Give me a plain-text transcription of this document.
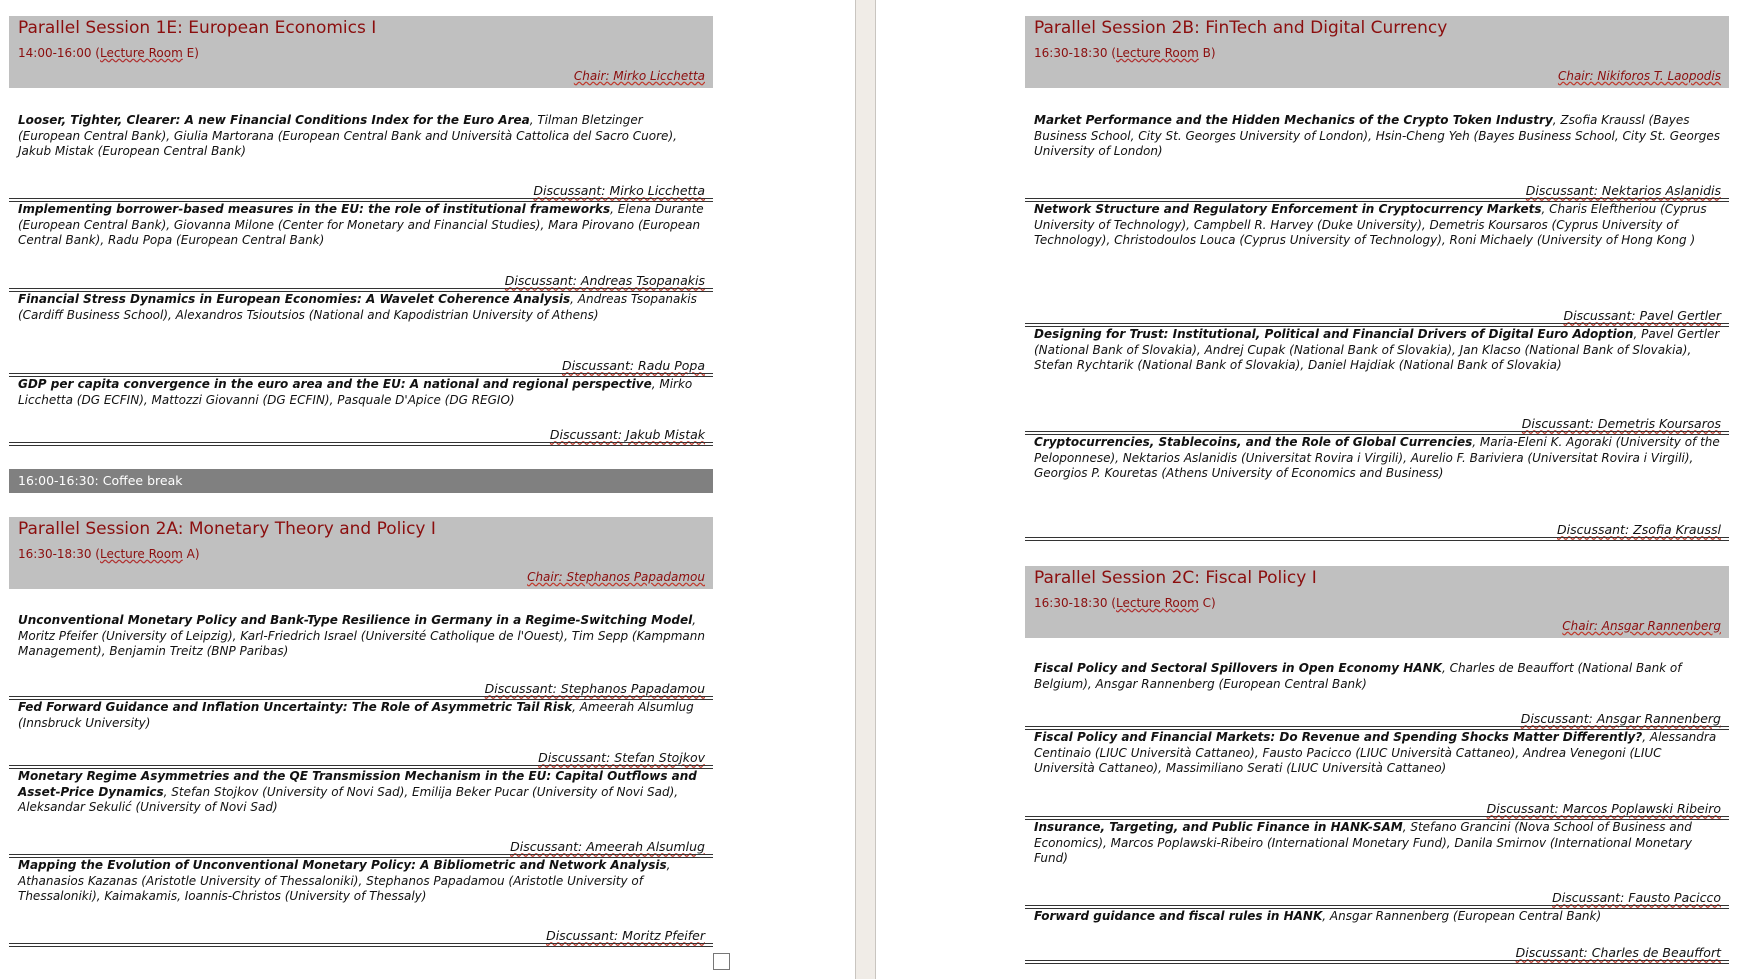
Parallel Session 1E: European Economics I
14:00-16:00 (Lecture Room E)
Chair: Mirko Licchetta
Looser, Tighter, Clearer: A new Financial Conditions Index for the Euro Area, Tilman Bletzinger (European Central Bank), Giulia Martorana (European Central Bank and Università Cattolica del Sacro Cuore), Jakub Mistak (European Central Bank)
Discussant: Mirko Licchetta
Implementing borrower-based measures in the EU: the role of institutional frameworks, Elena Durante (European Central Bank), Giovanna Milone (Center for Monetary and Financial Studies), Mara Pirovano (European Central Bank), Radu Popa (European Central Bank)
Discussant: Andreas Tsopanakis
Financial Stress Dynamics in European Economies: A Wavelet Coherence Analysis, Andreas Tsopanakis (Cardiff Business School), Alexandros Tsioutsios (National and Kapodistrian University of Athens)
Discussant: Radu Popa
GDP per capita convergence in the euro area and the EU: A national and regional perspective, Mirko Licchetta (DG ECFIN), Mattozzi Giovanni (DG ECFIN), Pasquale D'Apice (DG REGIO)
Discussant: Jakub Mistak
16:00-16:30: Coffee break
Parallel Session 2A: Monetary Theory and Policy I
16:30-18:30 (Lecture Room A)
Chair: Stephanos Papadamou
Unconventional Monetary Policy and Bank-Type Resilience in Germany in a Regime-Switching Model, Moritz Pfeifer (University of Leipzig), Karl-Friedrich Israel (Université Catholique de l'Ouest), Tim Sepp (Kampmann Management), Benjamin Treitz (BNP Paribas)
Discussant: Stephanos Papadamou
Fed Forward Guidance and Inflation Uncertainty: The Role of Asymmetric Tail Risk, Ameerah Alsumlug (Innsbruck University)
Discussant: Stefan Stojkov
Monetary Regime Asymmetries and the QE Transmission Mechanism in the EU: Capital Outflows and Asset-Price Dynamics, Stefan Stojkov (University of Novi Sad), Emilija Beker Pucar (University of Novi Sad), Aleksandar Sekulić (University of Novi Sad)
Discussant: Ameerah Alsumlug
Mapping the Evolution of Unconventional Monetary Policy: A Bibliometric and Network Analysis, Athanasios Kazanas (Aristotle University of Thessaloniki), Stephanos Papadamou (Aristotle University of Thessaloniki), Kaimakamis, Ioannis-Christos (University of Thessaly)
Discussant: Moritz Pfeifer
Parallel Session 2B: FinTech and Digital Currency
16:30-18:30 (Lecture Room B)
Chair: Nikiforos T. Laopodis
Market Performance and the Hidden Mechanics of the Crypto Token Industry, Zsofia Kraussl (Bayes Business School, City St. Georges University of London), Hsin-Cheng Yeh (Bayes Business School, City St. Georges University of London)
Discussant: Nektarios Aslanidis
Network Structure and Regulatory Enforcement in Cryptocurrency Markets, Charis Eleftheriou (Cyprus University of Technology), Campbell R. Harvey (Duke University), Demetris Koursaros (Cyprus University of Technology), Christodoulos Louca (Cyprus University of Technology), Roni Michaely (University of Hong Kong )
Discussant: Pavel Gertler
Designing for Trust: Institutional, Political and Financial Drivers of Digital Euro Adoption, Pavel Gertler (National Bank of Slovakia), Andrej Cupak (National Bank of Slovakia), Jan Klacso (National Bank of Slovakia), Stefan Rychtarik (National Bank of Slovakia), Daniel Hajdiak (National Bank of Slovakia)
Discussant: Demetris Koursaros
Cryptocurrencies, Stablecoins, and the Role of Global Currencies, Maria-Eleni K. Agoraki (University of the Peloponnese), Nektarios Aslanidis (Universitat Rovira i Virgili), Aurelio F. Bariviera (Universitat Rovira i Virgili), Georgios P. Kouretas (Athens University of Economics and Business)
Discussant: Zsofia Kraussl
Parallel Session 2C: Fiscal Policy I
16:30-18:30 (Lecture Room C)
Chair: Ansgar Rannenberg
Fiscal Policy and Sectoral Spillovers in Open Economy HANK, Charles de Beauffort (National Bank of Belgium), Ansgar Rannenberg (European Central Bank)
Discussant: Ansgar Rannenberg
Fiscal Policy and Financial Markets: Do Revenue and Spending Shocks Matter Differently?, Alessandra Centinaio (LIUC Università Cattaneo), Fausto Pacicco (LIUC Università Cattaneo), Andrea Venegoni (LIUC Università Cattaneo), Massimiliano Serati (LIUC Università Cattaneo)
Discussant: Marcos Poplawski Ribeiro
Insurance, Targeting, and Public Finance in HANK-SAM, Stefano Grancini (Nova School of Business and Economics), Marcos Poplawski-Ribeiro (International Monetary Fund), Danila Smirnov (International Monetary Fund)
Discussant: Fausto Pacicco
Forward guidance and fiscal rules in HANK, Ansgar Rannenberg (European Central Bank)
Discussant: Charles de Beauffort
